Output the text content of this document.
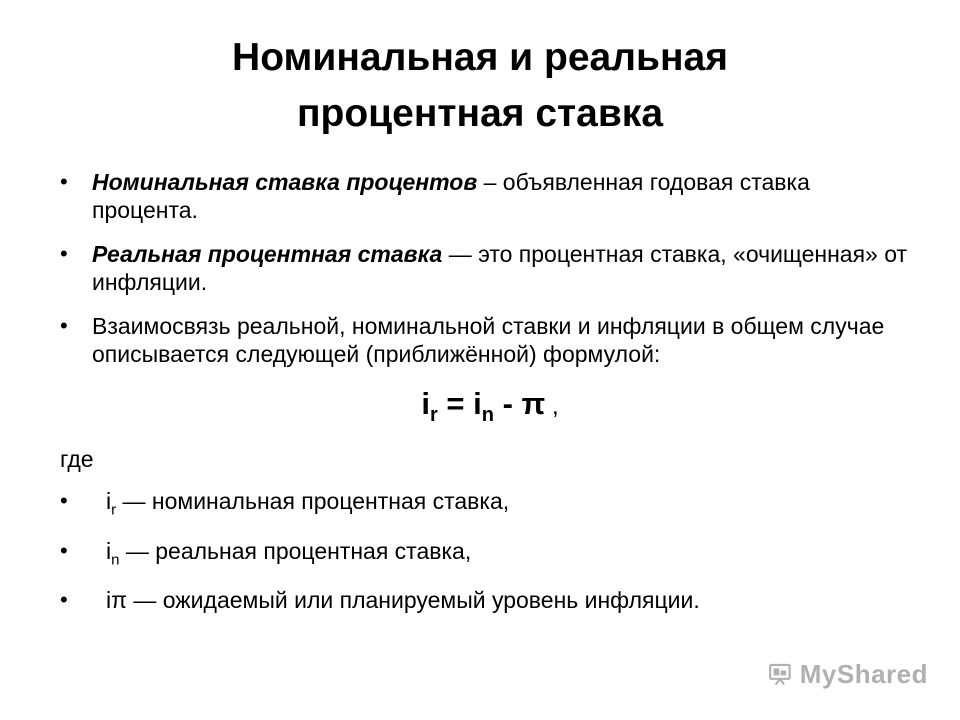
Номинальная и реальная
процентная ставка
• Номинальная ставка процентов – объявленная годовая ставка процента.
• Реальная процентная ставка — это процентная ставка, «очищенная» от инфляции.
• Взаимосвязь реальной, номинальной ставки и инфляции в общем случае описывается следующей (приближённой) формулой:
$i_r = i_n - \pi$ ,
где
• $i_r$ — номинальная процентная ставка,
• $i_n$ — реальная процентная ставка,
• iπ — ожидаемый или планируемый уровень инфляции.
MyShared
